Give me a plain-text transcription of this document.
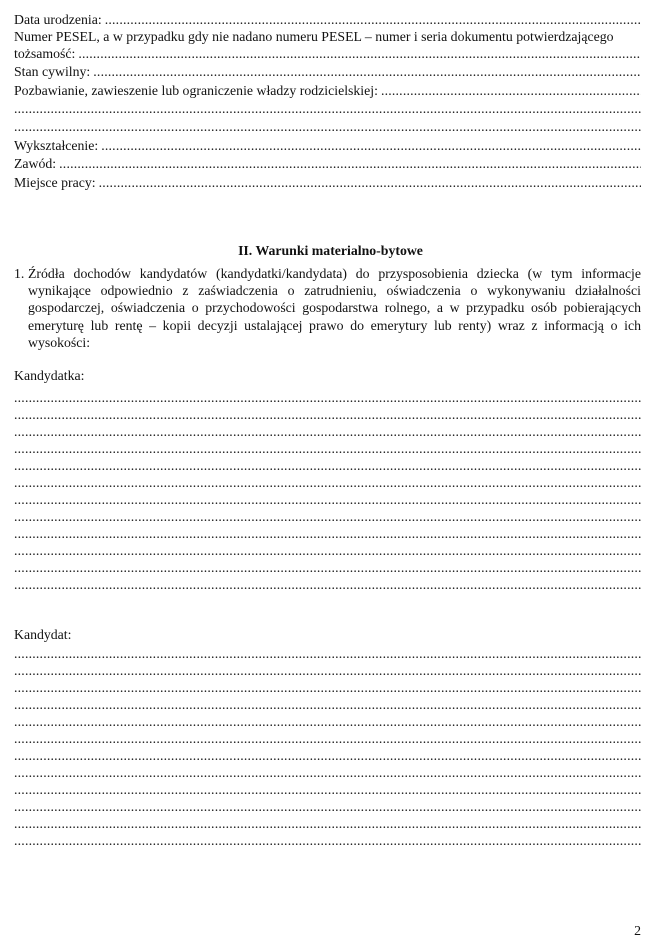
Data urodzenia:
.....
Numer PESEL, a w przypadku gdy nie nadano numeru PESEL – numer i seria dokumentu potwierdzającego
tożsamość:
.....
Stan cywilny:
.....
Pozbawianie, zawieszenie lub ograniczenie władzy rodzicielskiej:
.....
.....
.....
Wykształcenie:
.....
Zawód:
.....
Miejsce pracy:
.....
II. Warunki materialno-bytowe
1. Źródła dochodów kandydatów (kandydatki/kandydata) do przysposobienia dziecka (w tym informacje wynikające odpowiednio z zaświadczenia o zatrudnieniu, oświadczenia o wykonywaniu działalności gospodarczej, oświadczenia o przychodowości gospodarstwa rolnego, a w przypadku osób pobierających emeryturę lub rentę – kopii decyzji ustalającej prawo do emerytury lub renty) wraz z informacją o ich wysokości:
Kandydatka:
.....
.....
.....
.....
.....
.....
.....
.....
.....
.....
.....
.....
Kandydat:
.....
.....
.....
.....
.....
.....
.....
.....
.....
.....
.....
.....
2
